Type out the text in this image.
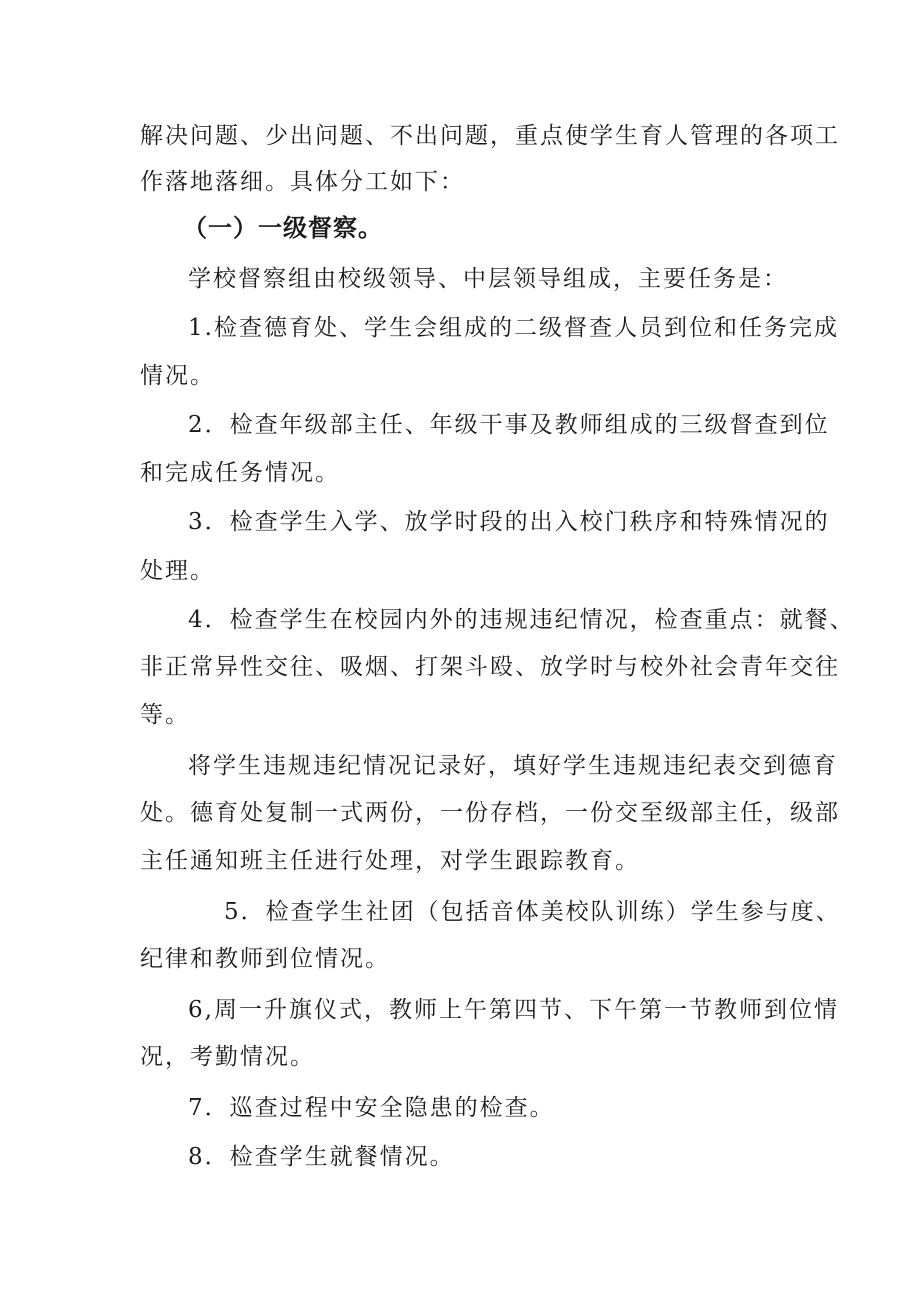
解决问题、少出问题、不出问题，重点使学生育人管理的各项工
作落地落细。具体分工如下：
（一）一级督察。
学校督察组由校级领导、中层领导组成，主要任务是：
1.检查德育处、学生会组成的二级督查人员到位和任务完成
情况。
2．检查年级部主任、年级干事及教师组成的三级督查到位
和完成任务情况。
3．检查学生入学、放学时段的出入校门秩序和特殊情况的
处理。
4．检查学生在校园内外的违规违纪情况，检查重点：就餐、
非正常异性交往、吸烟、打架斗殴、放学时与校外社会青年交往
等。
将学生违规违纪情况记录好，填好学生违规违纪表交到德育
处。德育处复制一式两份，一份存档，一份交至级部主任，级部
主任通知班主任进行处理，对学生跟踪教育。
5．检查学生社团（包括音体美校队训练）学生参与度、
纪律和教师到位情况。
6,周一升旗仪式，教师上午第四节、下午第一节教师到位情
况，考勤情况。
7．巡查过程中安全隐患的检查。
8．检查学生就餐情况。
